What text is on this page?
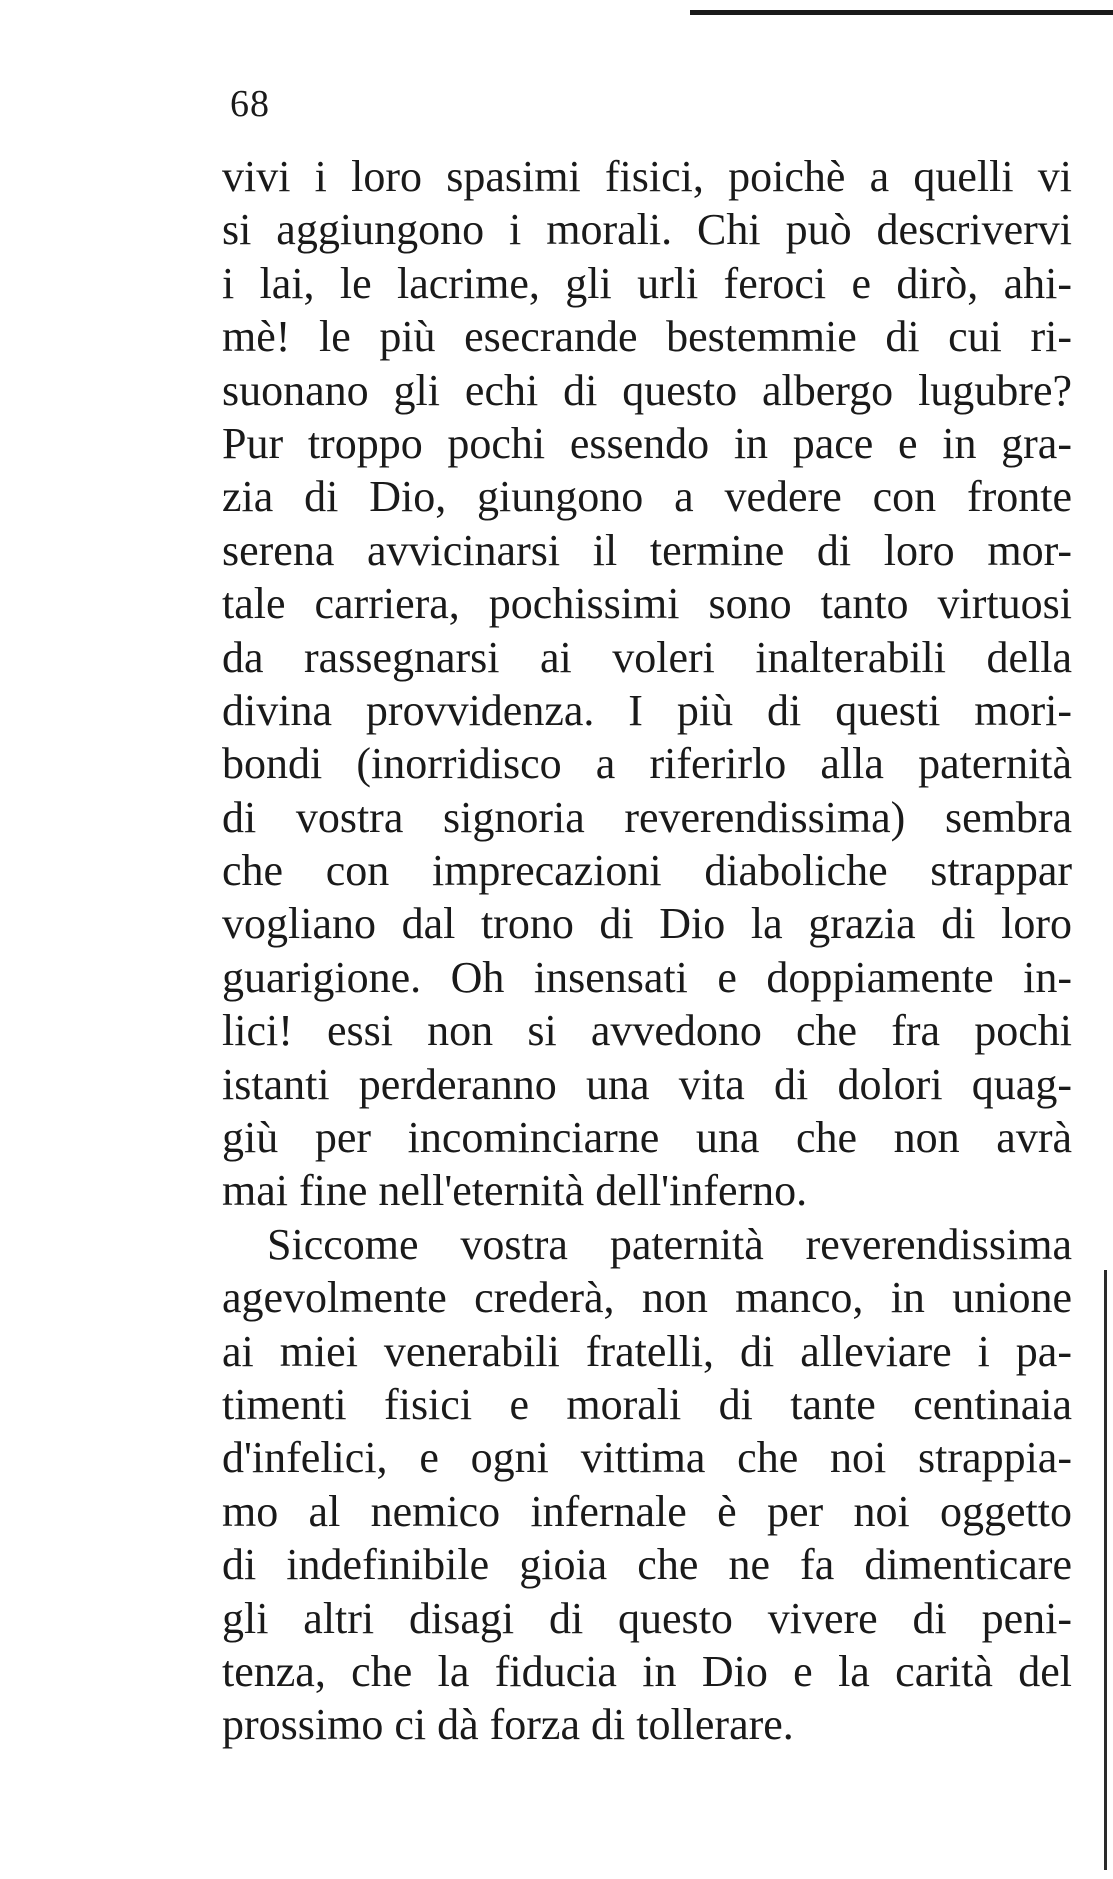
68
vivi i loro spasimi fisici, poichè a quelli vi
si aggiungono i morali. Chi può descrivervi
i lai, le lacrime, gli urli feroci e dirò, ahi-
mè! le più esecrande bestemmie di cui ri-
suonano gli echi di questo albergo lugubre?
Pur troppo pochi essendo in pace e in gra-
zia di Dio, giungono a vedere con fronte
serena avvicinarsi il termine di loro mor-
tale carriera, pochissimi sono tanto virtuosi
da rassegnarsi ai voleri inalterabili della
divina provvidenza. I più di questi mori-
bondi (inorridisco a riferirlo alla paternità
di vostra signoria reverendissima) sembra
che con imprecazioni diaboliche strappar
vogliano dal trono di Dio la grazia di loro
guarigione. Oh insensati e doppiamente in-
lici! essi non si avvedono che fra pochi
istanti perderanno una vita di dolori quag-
giù per incominciarne una che non avrà
mai fine nell'eternità dell'inferno.
Siccome vostra paternità reverendissima
agevolmente crederà, non manco, in unione
ai miei venerabili fratelli, di alleviare i pa-
timenti fisici e morali di tante centinaia
d'infelici, e ogni vittima che noi strappia-
mo al nemico infernale è per noi oggetto
di indefinibile gioia che ne fa dimenticare
gli altri disagi di questo vivere di peni-
tenza, che la fiducia in Dio e la carità del
prossimo ci dà forza di tollerare.
